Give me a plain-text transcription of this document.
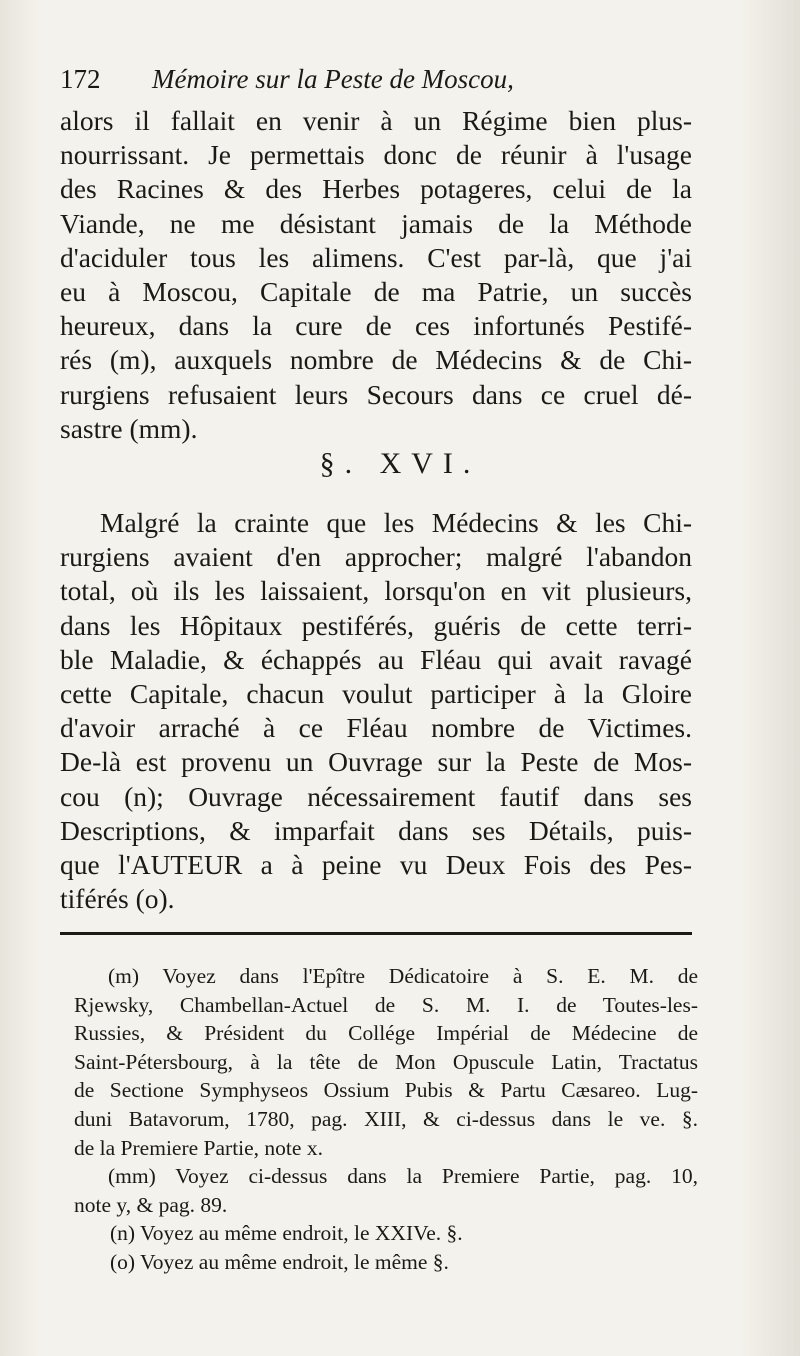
172 Mémoire sur la Peste de Moscou,
alors il fallait en venir à un Régime bien plus-
nourrissant. Je permettais donc de réunir à l'usage
des Racines & des Herbes potageres, celui de la
Viande, ne me désistant jamais de la Méthode
d'aciduler tous les alimens. C'est par-là, que j'ai
eu à Moscou, Capitale de ma Patrie, un succès
heureux, dans la cure de ces infortunés Pestifé-
rés (m), auxquels nombre de Médecins & de Chi-
rurgiens refusaient leurs Secours dans ce cruel dé-
sastre (mm).
§. XVI.
Malgré la crainte que les Médecins & les Chi-
rurgiens avaient d'en approcher; malgré l'abandon
total, où ils les laissaient, lorsqu'on en vit plusieurs,
dans les Hôpitaux pestiférés, guéris de cette terri-
ble Maladie, & échappés au Fléau qui avait ravagé
cette Capitale, chacun voulut participer à la Gloire
d'avoir arraché à ce Fléau nombre de Victimes.
De-là est provenu un Ouvrage sur la Peste de Mos-
cou (n); Ouvrage nécessairement fautif dans ses
Descriptions, & imparfait dans ses Détails, puis-
que l'AUTEUR a à peine vu Deux Fois des Pes-
tiférés (o).
(m) Voyez dans l'Epître Dédicatoire à S. E. M. de
Rjewsky, Chambellan-Actuel de S. M. I. de Toutes-les-
Russies, & Président du Collége Impérial de Médecine de
Saint-Pétersbourg, à la tête de Mon Opuscule Latin, Tractatus
de Sectione Symphyseos Ossium Pubis & Partu Cæsareo. Lug-
duni Batavorum, 1780, pag. XIII, & ci-dessus dans le ve. §.
de la Premiere Partie, note x.
(mm) Voyez ci-dessus dans la Premiere Partie, pag. 10,
note y, & pag. 89.
(n) Voyez au même endroit, le XXIVe. §.
(o) Voyez au même endroit, le même §.
